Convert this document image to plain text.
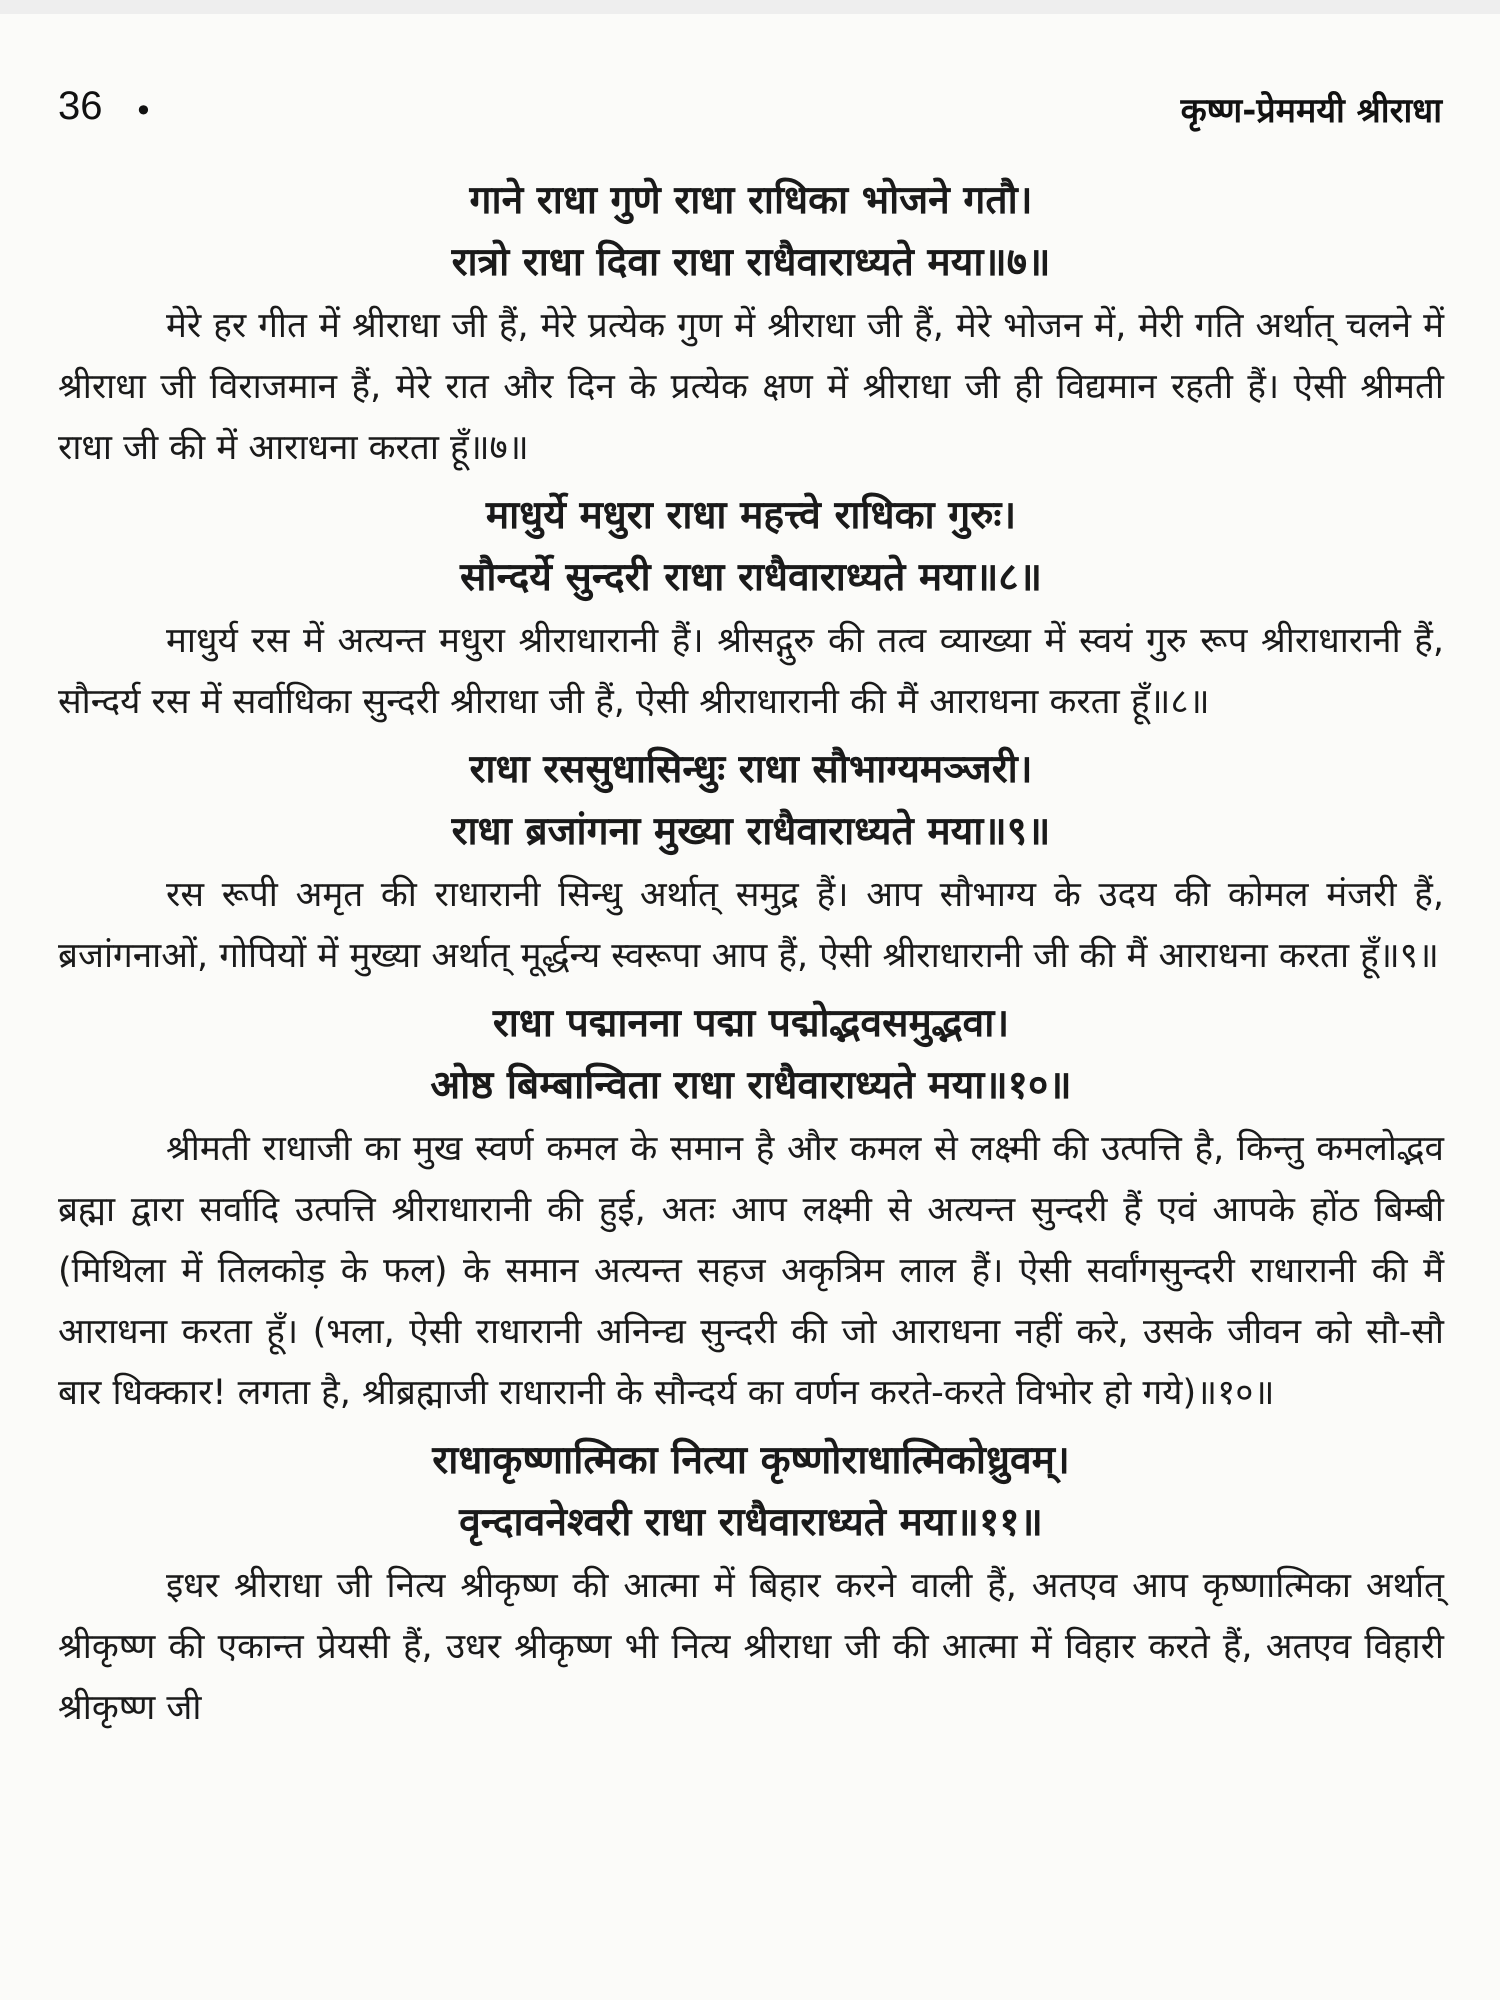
36 •	कृष्ण-प्रेममयी श्रीराधा

गाने राधा गुणे राधा राधिका भोजने गतौ।

रात्रो राधा दिवा राधा राधैवाराध्यते मया॥७॥

मेरे हर गीत में श्रीराधा जी हैं, मेरे प्रत्येक गुण में श्रीराधा जी हैं, मेरे भोजन में, मेरी गति अर्थात् चलने में श्रीराधा जी विराजमान हैं, मेरे रात और दिन के प्रत्येक क्षण में श्रीराधा जी ही विद्यमान रहती हैं। ऐसी श्रीमती राधा जी की में आराधना करता हूँ॥७॥

माधुर्ये मधुरा राधा महत्त्वे राधिका गुरुः।

सौन्दर्ये सुन्दरी राधा राधैवाराध्यते मया॥८॥

माधुर्य रस में अत्यन्त मधुरा श्रीराधारानी हैं। श्रीसद्गुरु की तत्व व्याख्या में स्वयं गुरु रूप श्रीराधारानी हैं, सौन्दर्य रस में सर्वाधिका सुन्दरी श्रीराधा जी हैं, ऐसी श्रीराधारानी की मैं आराधना करता हूँ॥८॥

राधा रससुधासिन्धुः राधा सौभाग्यमञ्जरी।

राधा ब्रजांगना मुख्या राधैवाराध्यते मया॥९॥

रस रूपी अमृत की राधारानी सिन्धु अर्थात् समुद्र हैं। आप सौभाग्य के उदय की कोमल मंजरी हैं, ब्रजांगनाओं, गोपियों में मुख्या अर्थात् मूर्द्धन्य स्वरूपा आप हैं, ऐसी श्रीराधारानी जी की मैं आराधना करता हूँ॥९॥

राधा पद्मानना पद्मा पद्मोद्भवसमुद्भवा।

ओष्ठ बिम्बान्विता राधा राधैवाराध्यते मया॥१०॥

श्रीमती राधाजी का मुख स्वर्ण कमल के समान है और कमल से लक्ष्मी की उत्पत्ति है, किन्तु कमलोद्भव ब्रह्मा द्वारा सर्वादि उत्पत्ति श्रीराधारानी की हुई, अतः आप लक्ष्मी से अत्यन्त सुन्दरी हैं एवं आपके होंठ बिम्बी (मिथिला में तिलकोड़ के फल) के समान अत्यन्त सहज अकृत्रिम लाल हैं। ऐसी सर्वांगसुन्दरी राधारानी की मैं आराधना करता हूँ। (भला, ऐसी राधारानी अनिन्द्य सुन्दरी की जो आराधना नहीं करे, उसके जीवन को सौ-सौ बार धिक्कार! लगता है, श्रीब्रह्माजी राधारानी के सौन्दर्य का वर्णन करते-करते विभोर हो गये)॥१०॥

राधाकृष्णात्मिका नित्या कृष्णोराधात्मिकोध्रुवम्।

वृन्दावनेश्वरी राधा राधैवाराध्यते मया॥११॥

इधर श्रीराधा जी नित्य श्रीकृष्ण की आत्मा में बिहार करने वाली हैं, अतएव आप कृष्णात्मिका अर्थात् श्रीकृष्ण की एकान्त प्रेयसी हैं, उधर श्रीकृष्ण भी नित्य श्रीराधा जी की आत्मा में विहार करते हैं, अतएव विहारी श्रीकृष्ण जी
